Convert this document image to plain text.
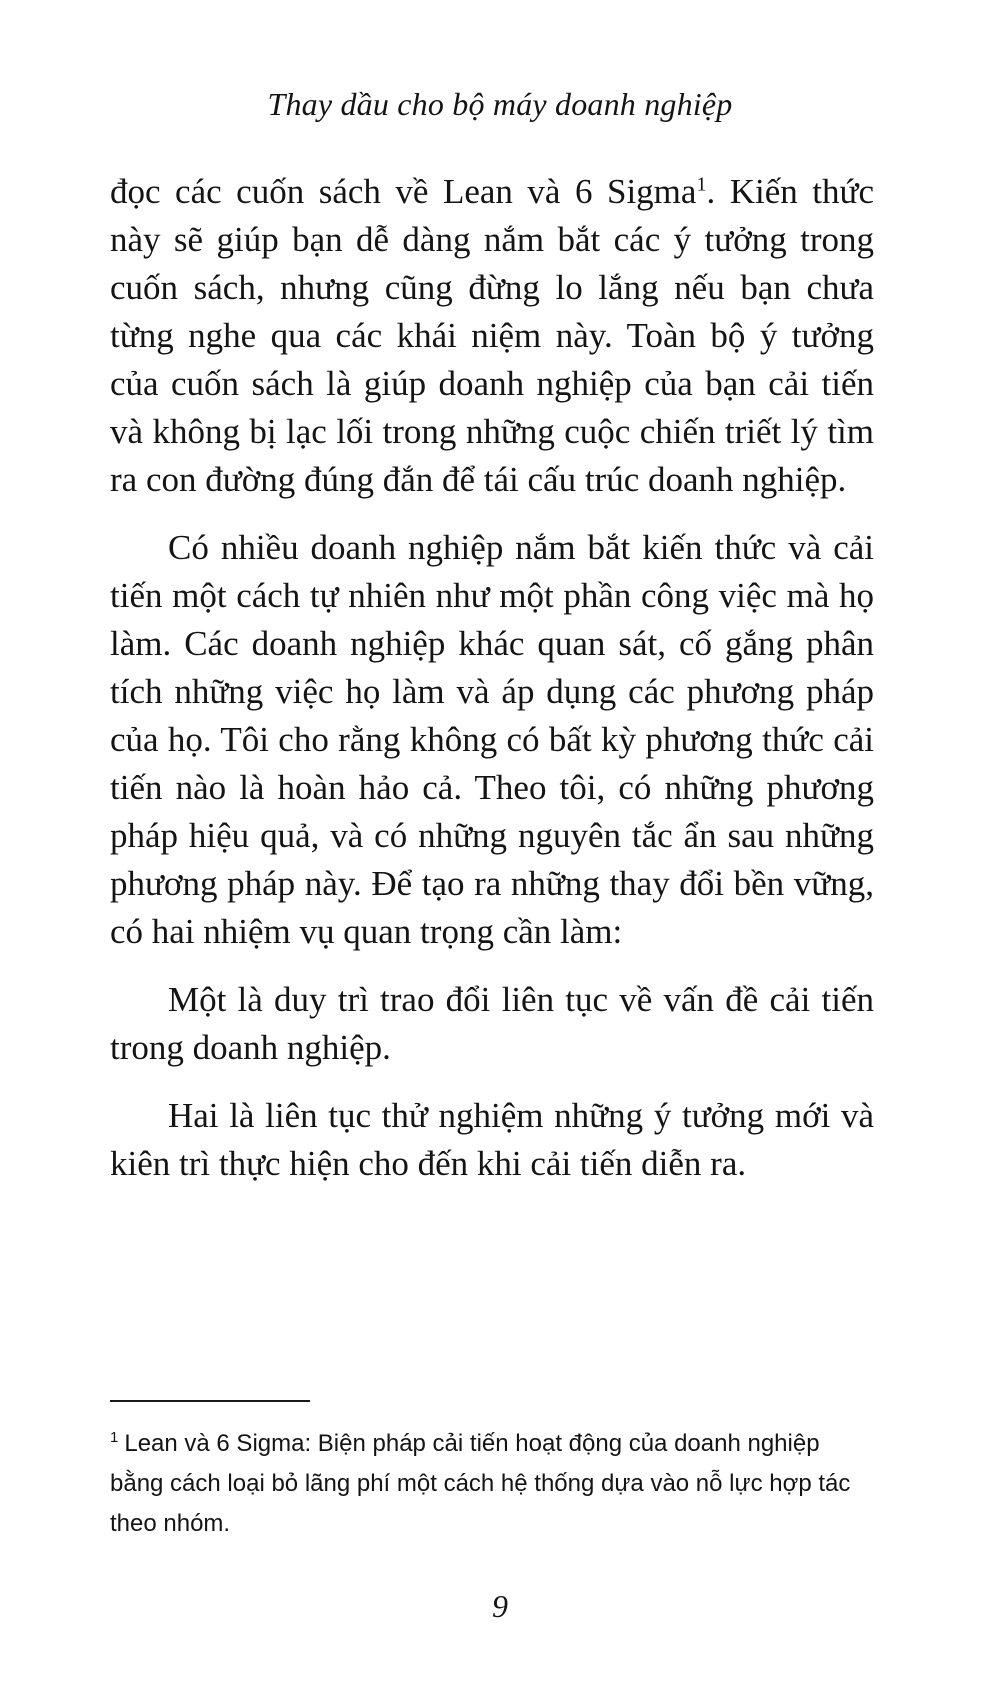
Thay dầu cho bộ máy doanh nghiệp

đọc các cuốn sách về Lean và 6 Sigma$^1$. Kiến thức này sẽ giúp bạn dễ dàng nắm bắt các ý tưởng trong cuốn sách, nhưng cũng đừng lo lắng nếu bạn chưa từng nghe qua các khái niệm này. Toàn bộ ý tưởng của cuốn sách là giúp doanh nghiệp của bạn cải tiến và không bị lạc lối trong những cuộc chiến triết lý tìm ra con đường đúng đắn để tái cấu trúc doanh nghiệp.

Có nhiều doanh nghiệp nắm bắt kiến thức và cải tiến một cách tự nhiên như một phần công việc mà họ làm. Các doanh nghiệp khác quan sát, cố gắng phân tích những việc họ làm và áp dụng các phương pháp của họ. Tôi cho rằng không có bất kỳ phương thức cải tiến nào là hoàn hảo cả. Theo tôi, có những phương pháp hiệu quả, và có những nguyên tắc ẩn sau những phương pháp này. Để tạo ra những thay đổi bền vững, có hai nhiệm vụ quan trọng cần làm:

Một là duy trì trao đổi liên tục về vấn đề cải tiến trong doanh nghiệp.

Hai là liên tục thử nghiệm những ý tưởng mới và kiên trì thực hiện cho đến khi cải tiến diễn ra.

$^1$ Lean và 6 Sigma: Biện pháp cải tiến hoạt động của doanh nghiệp bằng cách loại bỏ lãng phí một cách hệ thống dựa vào nỗ lực hợp tác theo nhóm.

9
